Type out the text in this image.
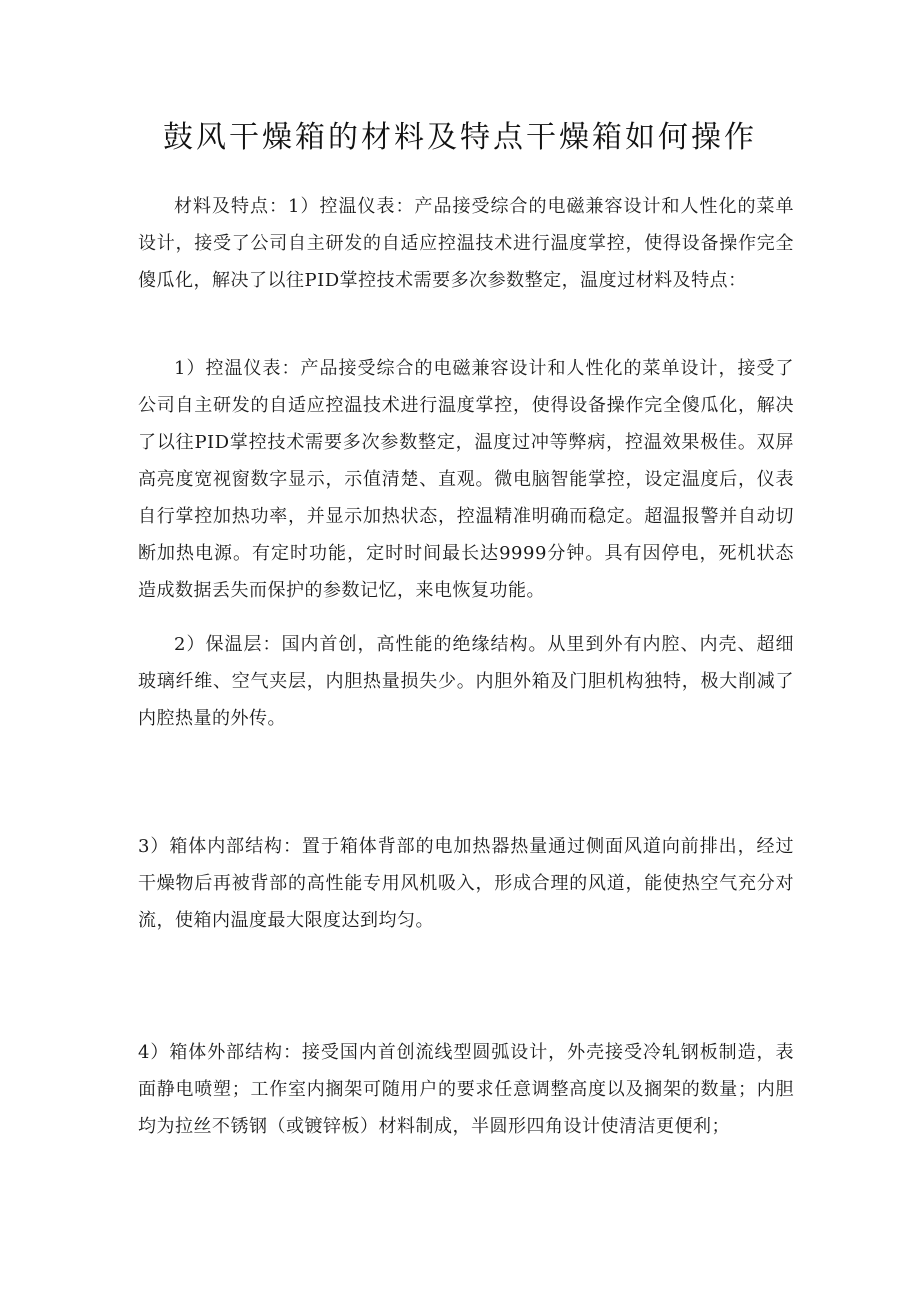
鼓风干燥箱的材料及特点干燥箱如何操作

材料及特点：1）控温仪表：产品接受综合的电磁兼容设计和人性化的菜单设计，接受了公司自主研发的自适应控温技术进行温度掌控，使得设备操作完全傻瓜化，解决了以往PID掌控技术需要多次参数整定，温度过材料及特点：

1）控温仪表：产品接受综合的电磁兼容设计和人性化的菜单设计，接受了公司自主研发的自适应控温技术进行温度掌控，使得设备操作完全傻瓜化，解决了以往PID掌控技术需要多次参数整定，温度过冲等弊病，控温效果极佳。双屏高亮度宽视窗数字显示，示值清楚、直观。微电脑智能掌控，设定温度后，仪表自行掌控加热功率，并显示加热状态，控温精准明确而稳定。超温报警并自动切断加热电源。有定时功能，定时时间最长达9999分钟。具有因停电，死机状态造成数据丢失而保护的参数记忆，来电恢复功能。

2）保温层：国内首创，高性能的绝缘结构。从里到外有内腔、内壳、超细玻璃纤维、空气夹层，内胆热量损失少。内胆外箱及门胆机构独特，极大削减了内腔热量的外传。

3）箱体内部结构：置于箱体背部的电加热器热量通过侧面风道向前排出，经过干燥物后再被背部的高性能专用风机吸入，形成合理的风道，能使热空气充分对流，使箱内温度最大限度达到均匀。

4）箱体外部结构：接受国内首创流线型圆弧设计，外壳接受冷轧钢板制造，表面静电喷塑；工作室内搁架可随用户的要求任意调整高度以及搁架的数量；内胆均为拉丝不锈钢（或镀锌板）材料制成，半圆形四角设计使清洁更便利；
